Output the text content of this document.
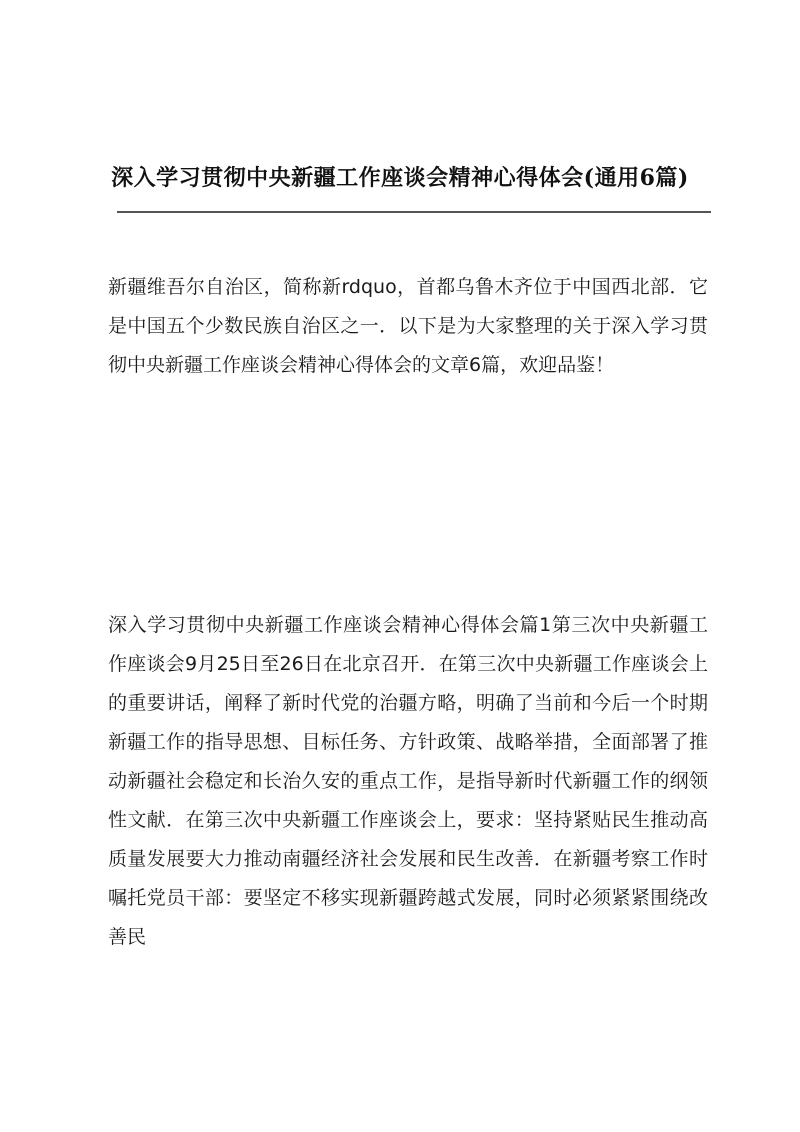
深入学习贯彻中央新疆工作座谈会精神心得体会(通用6篇)

新疆维吾尔自治区，简称新rdquo，首都乌鲁木齐位于中国西北部．它是中国五个少数民族自治区之一．以下是为大家整理的关于深入学习贯彻中央新疆工作座谈会精神心得体会的文章6篇，欢迎品鉴！

深入学习贯彻中央新疆工作座谈会精神心得体会篇1第三次中央新疆工作座谈会9月25日至26日在北京召开．在第三次中央新疆工作座谈会上的重要讲话，阐释了新时代党的治疆方略，明确了当前和今后一个时期新疆工作的指导思想、目标任务、方针政策、战略举措，全面部署了推动新疆社会稳定和长治久安的重点工作，是指导新时代新疆工作的纲领性文献．在第三次中央新疆工作座谈会上，要求：坚持紧贴民生推动高质量发展要大力推动南疆经济社会发展和民生改善．在新疆考察工作时嘱托党员干部：要坚定不移实现新疆跨越式发展，同时必须紧紧围绕改善民
